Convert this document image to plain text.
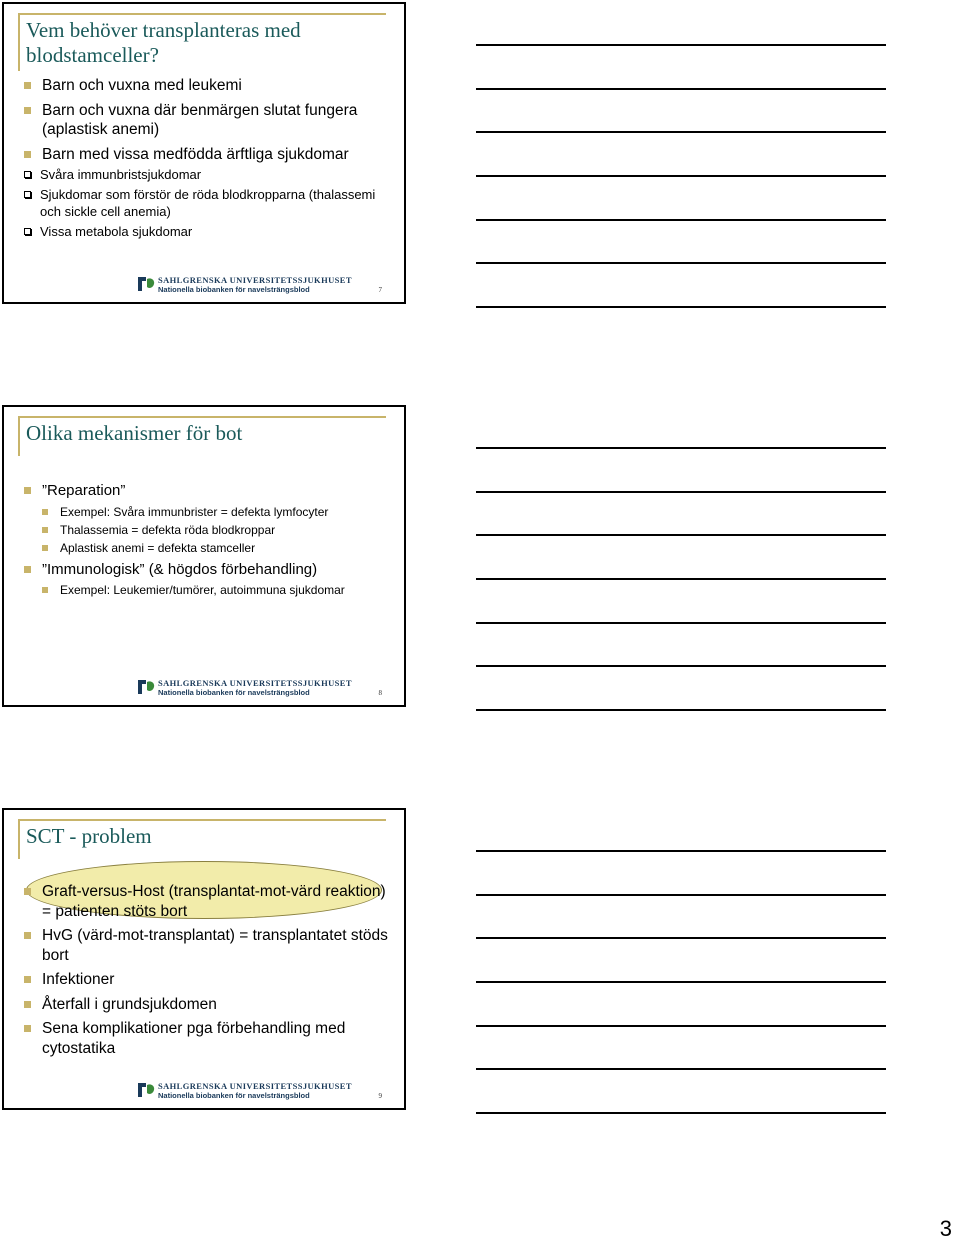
Vem behöver transplanteras med blodstamceller?

Barn och vuxna med leukemi

Barn och vuxna där benmärgen slutat fungera (aplastisk anemi)

Barn med vissa medfödda ärftliga sjukdomar

Svåra immunbristsjukdomar

Sjukdomar som förstör de röda blodkropparna (thalassemi och sickle cell anemia)

Vissa metabola sjukdomar

SAHLGRENSKA UNIVERSITETSSJUKHUSET
Nationella biobanken för navelsträngsblod	7
Olika mekanismer för bot

”Reparation”

Exempel: Svåra immunbrister = defekta lymfocyter

Thalassemia = defekta röda blodkroppar

Aplastisk anemi = defekta stamceller

”Immunologisk” (& högdos förbehandling)

Exempel: Leukemier/tumörer, autoimmuna sjukdomar

SAHLGRENSKA UNIVERSITETSSJUKHUSET
Nationella biobanken för navelsträngsblod	8
SCT - problem

Graft-versus-Host (transplantat-mot-värd reaktion) = patienten stöts bort

HvG (värd-mot-transplantat) = transplantatet stöds bort

Infektioner

Återfall i grundsjukdomen

Sena komplikationer pga förbehandling med cytostatika

SAHLGRENSKA UNIVERSITETSSJUKHUSET
Nationella biobanken för navelsträngsblod	9
3
